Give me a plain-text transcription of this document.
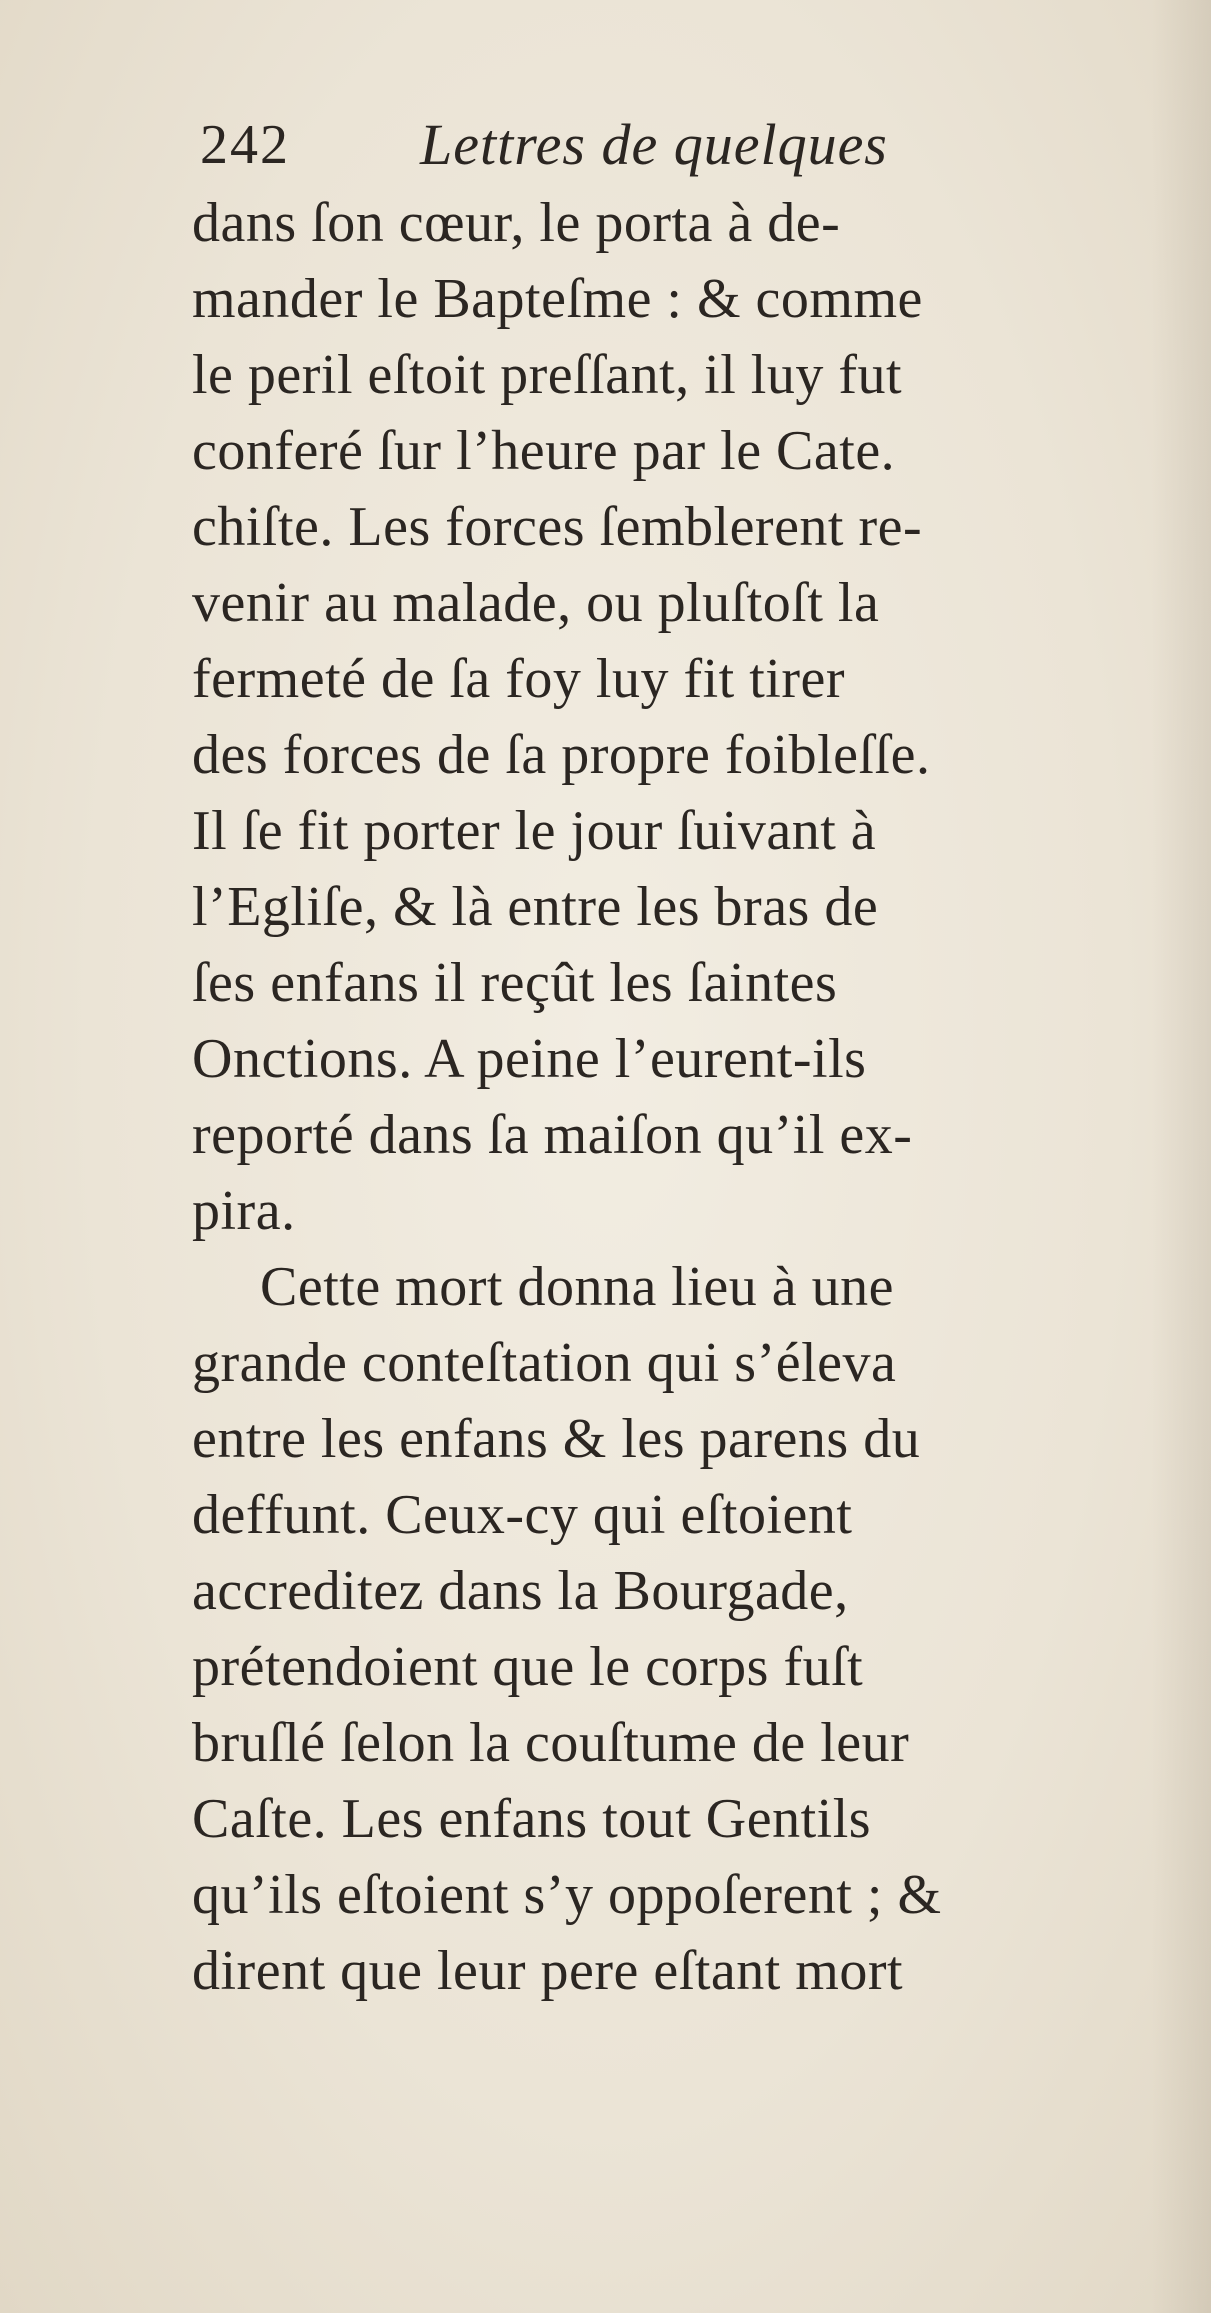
242 Lettres de quelques
dans ſon cœur, le porta à de-
mander le Bapteſme : & comme
le peril eſtoit preſſant, il luy fut
conferé ſur l’heure par le Cate.
chiſte. Les forces ſemblerent re-
venir au malade, ou pluſtoſt la
fermeté de ſa foy luy fit tirer
des forces de ſa propre foibleſſe.
Il ſe fit porter le jour ſuivant à
l’Egliſe, & là entre les bras de
ſes enfans il reçût les ſaintes
Onctions. A peine l’eurent-ils
reporté dans ſa maiſon qu’il ex-
pira.
Cette mort donna lieu à une
grande conteſtation qui s’éleva
entre les enfans & les parens du
deffunt. Ceux-cy qui eſtoient
accreditez dans la Bourgade,
prétendoient que le corps fuſt
bruſlé ſelon la couſtume de leur
Caſte. Les enfans tout Gentils
qu’ils eſtoient s’y oppoſerent ; &
dirent que leur pere eſtant mort
